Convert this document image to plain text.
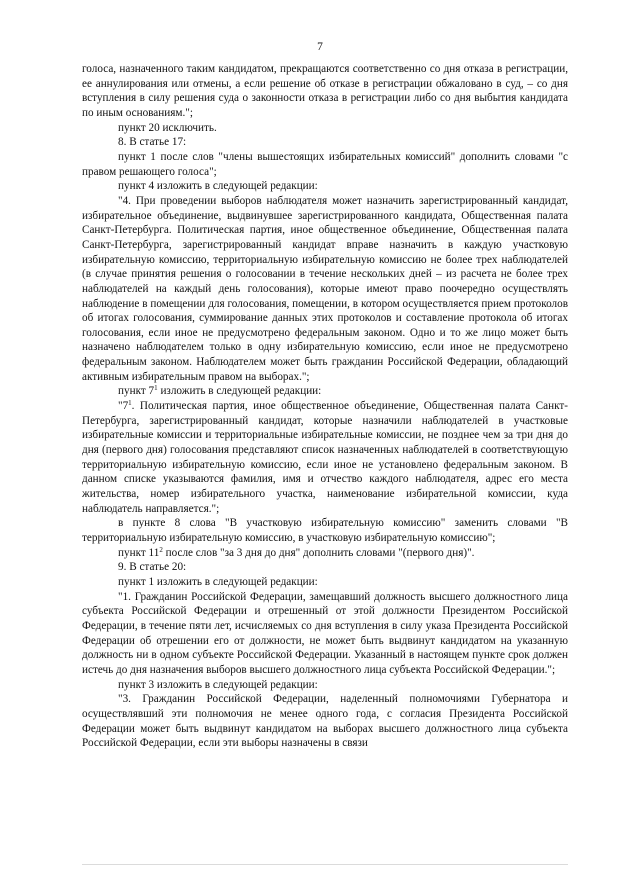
7

голоса, назначенного таким кандидатом, прекращаются соответственно со дня отказа в регистрации, ее аннулирования или отмены, а если решение об отказе в регистрации обжаловано в суд, – со дня вступления в силу решения суда о законности отказа в регистрации либо со дня выбытия кандидата по иным основаниям.";

пункт 20 исключить.

8. В статье 17:

пункт 1 после слов "члены вышестоящих избирательных комиссий" дополнить словами "с правом решающего голоса";

пункт 4 изложить в следующей редакции:

"4. При проведении выборов наблюдателя может назначить зарегистрированный кандидат, избирательное объединение, выдвинувшее зарегистрированного кандидата, Общественная палата Санкт-Петербурга. Политическая партия, иное общественное объединение, Общественная палата Санкт-Петербурга, зарегистрированный кандидат вправе назначить в каждую участковую избирательную комиссию, территориальную избирательную комиссию не более трех наблюдателей (в случае принятия решения о голосовании в течение нескольких дней – из расчета не более трех наблюдателей на каждый день голосования), которые имеют право поочередно осуществлять наблюдение в помещении для голосования, помещении, в котором осуществляется прием протоколов об итогах голосования, суммирование данных этих протоколов и составление протокола об итогах голосования, если иное не предусмотрено федеральным законом. Одно и то же лицо может быть назначено наблюдателем только в одну избирательную комиссию, если иное не предусмотрено федеральным законом. Наблюдателем может быть гражданин Российской Федерации, обладающий активным избирательным правом на выборах.";

пункт $7^1$ изложить в следующей редакции:

"$7^1$. Политическая партия, иное общественное объединение, Общественная палата Санкт-Петербурга, зарегистрированный кандидат, которые назначили наблюдателей в участковые избирательные комиссии и территориальные избирательные комиссии, не позднее чем за три дня до дня (первого дня) голосования представляют список назначенных наблюдателей в соответствующую территориальную избирательную комиссию, если иное не установлено федеральным законом. В данном списке указываются фамилия, имя и отчество каждого наблюдателя, адрес его места жительства, номер избирательного участка, наименование избирательной комиссии, куда наблюдатель направляется.";

в пункте 8 слова "В участковую избирательную комиссию" заменить словами "В территориальную избирательную комиссию, в участковую избирательную комиссию";

пункт $11^2$ после слов "за 3 дня до дня" дополнить словами "(первого дня)".

9. В статье 20:

пункт 1 изложить в следующей редакции:

"1. Гражданин Российской Федерации, замещавший должность высшего должностного лица субъекта Российской Федерации и отрешенный от этой должности Президентом Российской Федерации, в течение пяти лет, исчисляемых со дня вступления в силу указа Президента Российской Федерации об отрешении его от должности, не может быть выдвинут кандидатом на указанную должность ни в одном субъекте Российской Федерации. Указанный в настоящем пункте срок должен истечь до дня назначения выборов высшего должностного лица субъекта Российской Федерации.";

пункт 3 изложить в следующей редакции:

"3. Гражданин Российской Федерации, наделенный полномочиями Губернатора и осуществлявший эти полномочия не менее одного года, с согласия Президента Российской Федерации может быть выдвинут кандидатом на выборах высшего должностного лица субъекта Российской Федерации, если эти выборы назначены в связи
